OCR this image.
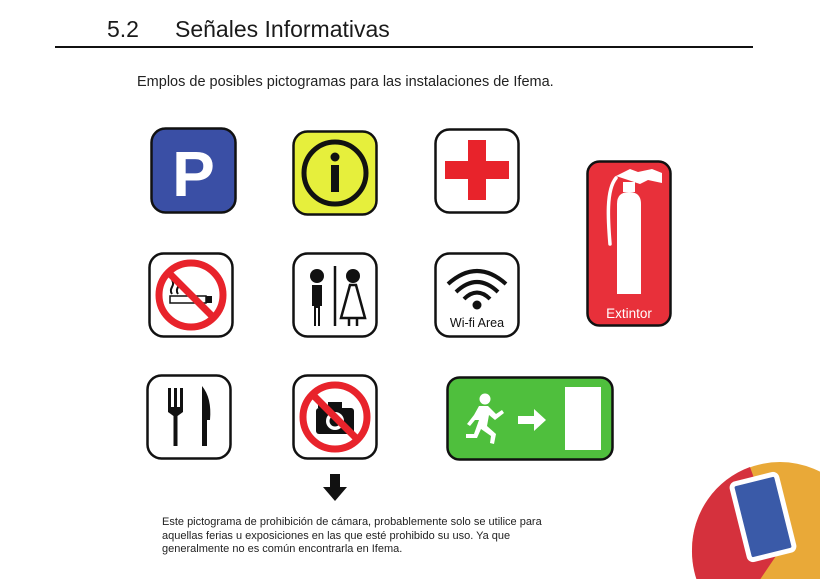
5.2 Señales Informativas
Emplos de posibles pictogramas para las instalaciones de Ifema.
P
Extintor
Wi-fi Area
Este pictograma de prohibición de cámara, probablemente solo se utilice para aquellas ferias u exposiciones en las que esté prohibido su uso. Ya que generalmente no es común encontrarla en Ifema.
